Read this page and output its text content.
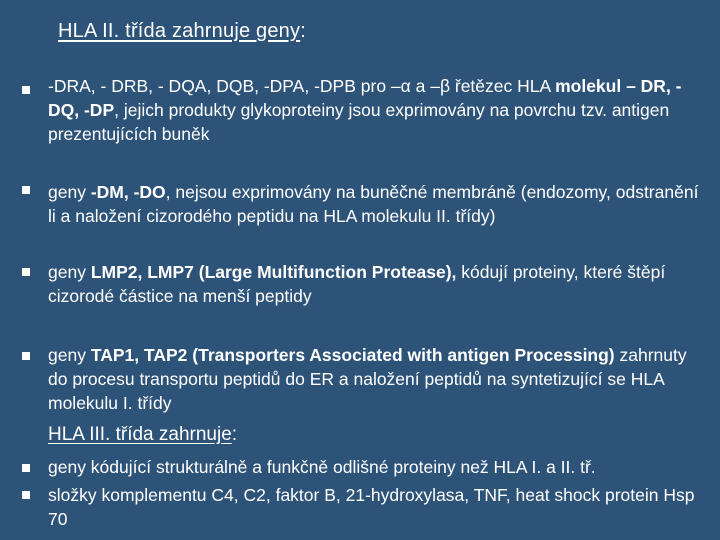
HLA II. třída zahrnuje geny:
-DRA, - DRB, - DQA, DQB, -DPA, -DPB pro –α a –β řetězec HLA molekul – DR, -DQ, -DP, jejich produkty glykoproteiny jsou exprimovány na povrchu tzv. antigen prezentujících buněk
geny -DM, -DO, nejsou exprimovány na buněčné membráně (endozomy, odstranění li a naložení cizorodého peptidu na HLA molekulu II. třídy)
geny LMP2, LMP7 (Large Multifunction Protease), kódují proteiny, které štěpí cizorodé částice na menší peptidy
geny TAP1, TAP2 (Transporters Associated with antigen Processing) zahrnuty do procesu transportu peptidů do ER a naložení peptidů na syntetizující se HLA molekulu I. třídy
HLA III. třída zahrnuje:
geny kódující strukturálně a funkčně odlišné proteiny než HLA I. a II. tř.
složky komplementu C4, C2, faktor B, 21-hydroxylasa, TNF, heat shock protein Hsp 70
